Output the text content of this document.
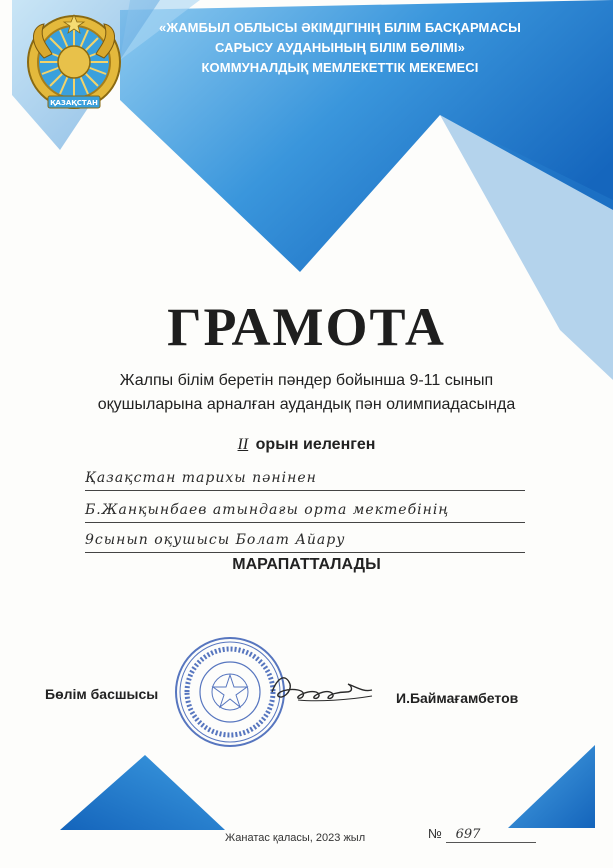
ҚАЗАҚСТАН
«ЖАМБЫЛ ОБЛЫСЫ ӘКІМДІГІНІҢ БІЛІМ БАСҚАРМАСЫ
САРЫСУ АУДАНЫНЫҢ БІЛІМ БӨЛІМІ»
КОММУНАЛДЫҚ МЕМЛЕКЕТТІК МЕКЕМЕСІ
ГРАМОТА
Жалпы білім беретін пәндер бойынша 9-11 сынып
оқушыларына арналған аудандық пән олимпиадасында
II орын иеленген
Қазақстан тарихы пәнінен
Б.Жанқынбаев атындағы орта мектебінің
9сынып оқушысы Болат Айару
МАРАПАТТАЛАДЫ
Бөлім басшысы	И.Баймағамбетов
Жанатас қаласы, 2023 жыл	№ 697
